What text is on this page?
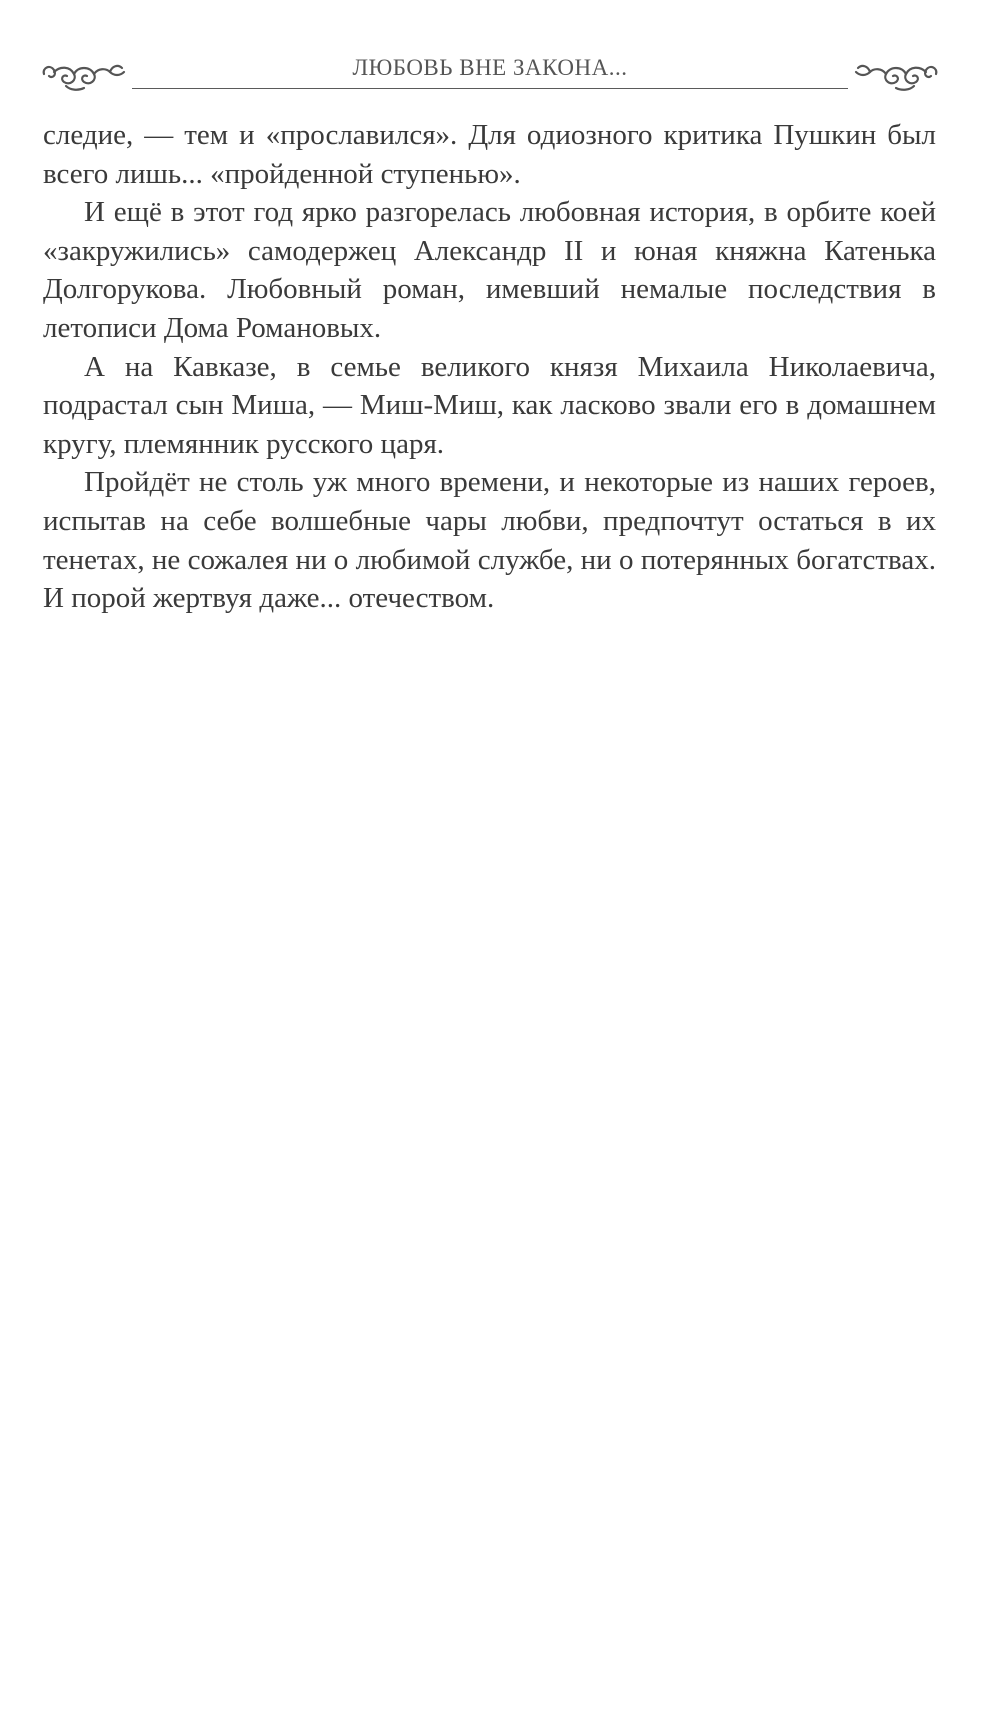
ЛЮБОВЬ ВНЕ ЗАКОНА...

следие, — тем и «прославился». Для одиозного критика Пушкин был всего лишь... «пройденной ступенью».

И ещё в этот год ярко разгорелась любовная история, в орбите коей «закружились» самодержец Александр II и юная княжна Катенька Долгорукова. Любовный роман, имевший немалые последствия в летописи Дома Романовых.

А на Кавказе, в семье великого князя Михаила Николаевича, подрастал сын Миша, — Миш-Миш, как ласково звали его в домашнем кругу, племянник русского царя.

Пройдёт не столь уж много времени, и некоторые из наших героев, испытав на себе волшебные чары любви, предпочтут остаться в их тенетах, не сожалея ни о любимой службе, ни о потерянных богатствах. И порой жертвуя даже... отечеством.
